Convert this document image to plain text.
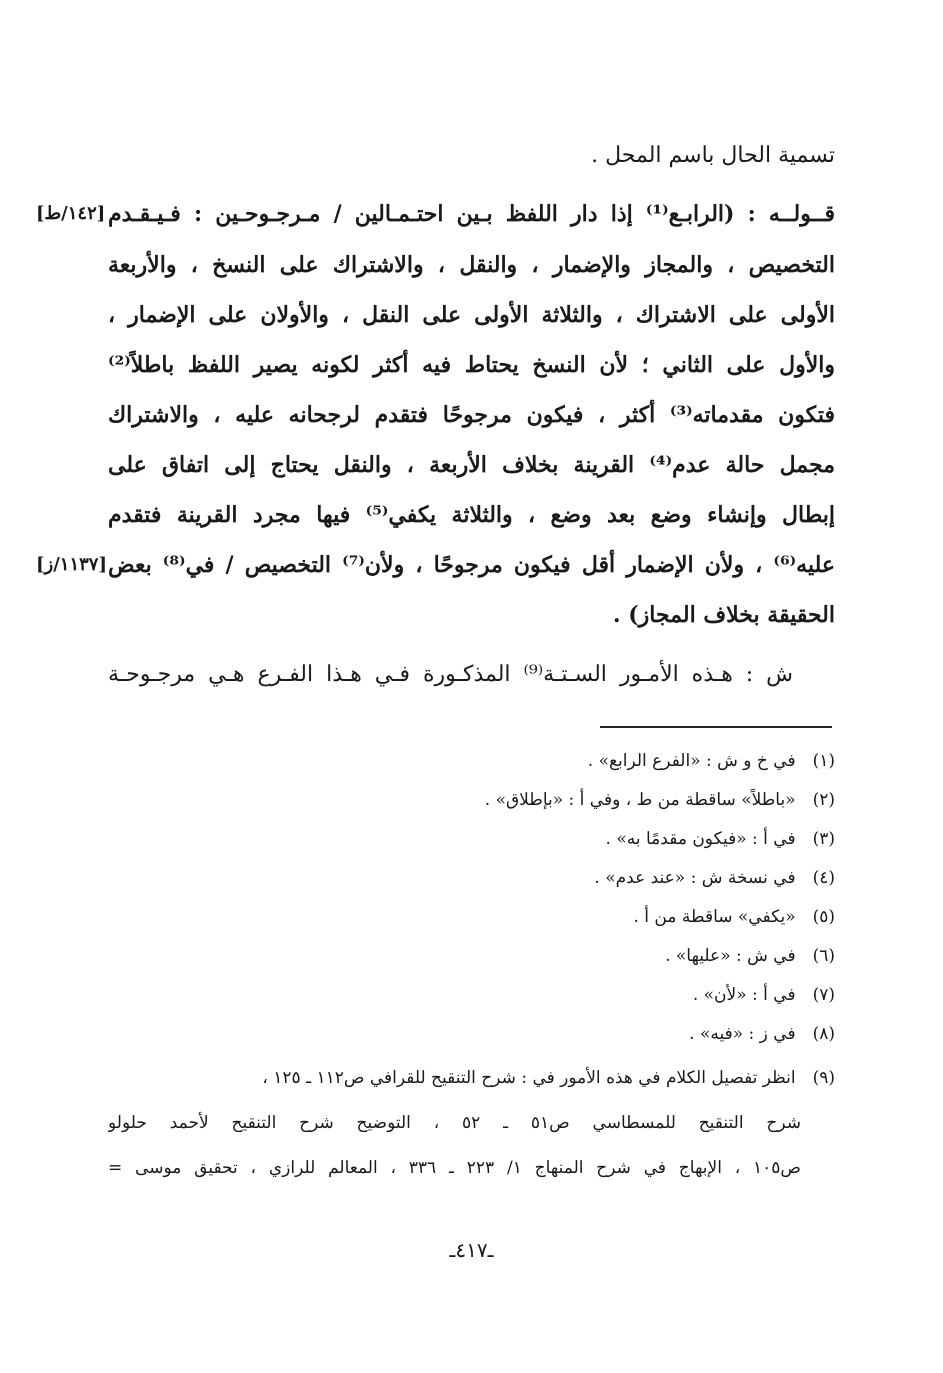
تسمية الحال باسم المحل .
قــولــه : (الرابـع⁽¹⁾ إذا دار اللفظ بـين احتـمـالين / مـرجـوحـين : فـيـقـدم
[١٤٢/ط]
التخصيص ، والمجاز والإضمار ، والنقل ، والاشتراك على النسخ ، والأربعة
الأولى على الاشتراك ، والثلاثة الأولى على النقل ، والأولان على الإضمار ،
والأول على الثاني ؛ لأن النسخ يحتاط فيه أكثر لكونه يصير اللفظ باطلاً⁽²⁾
فتكون مقدماته⁽³⁾ أكثر ، فيكون مرجوحًا فتقدم لرجحانه عليه ، والاشتراك
مجمل حالة عدم⁽⁴⁾ القرينة بخلاف الأربعة ، والنقل يحتاج إلى اتفاق على
إبطال وإنشاء وضع بعد وضع ، والثلاثة يكفي⁽⁵⁾ فيها مجرد القرينة فتقدم
عليه⁽⁶⁾ ، ولأن الإضمار أقل فيكون مرجوحًا ، ولأن⁽⁷⁾ التخصيص / في⁽⁸⁾ بعض
[١١٣٧/ز]
الحقيقة بخلاف المجاز) .
ش : هـذه الأمـور السـتـة⁽⁹⁾ المذكـورة فـي هـذا الفـرع هـي مرجـوحـة
(١) في خ و ش : «الفرع الرابع» .
(٢) «باطلاً» ساقطة من ط ، وفي أ : «بإطلاق» .
(٣) في أ : «فيكون مقدمًا به» .
(٤) في نسخة ش : «عند عدم» .
(٥) «يكفي» ساقطة من أ .
(٦) في ش : «عليها» .
(٧) في أ : «لأن» .
(٨) في ز : «فيه» .
(٩) انظر تفصيل الكلام في هذه الأمور في : شرح التنقيح للقرافي ص١١٢ ـ ١٢٥ ،
شرح التنقيح للمسطاسي ص٥١ ـ ٥٢ ، التوضيح شرح التنقيح لأحمد حلولو
ص١٠٥ ، الإبهاج في شرح المنهاج ١/ ٢٢٣ ـ ٣٣٦ ، المعالم للرازي ، تحقيق موسى =
ـ٤١٧ـ
